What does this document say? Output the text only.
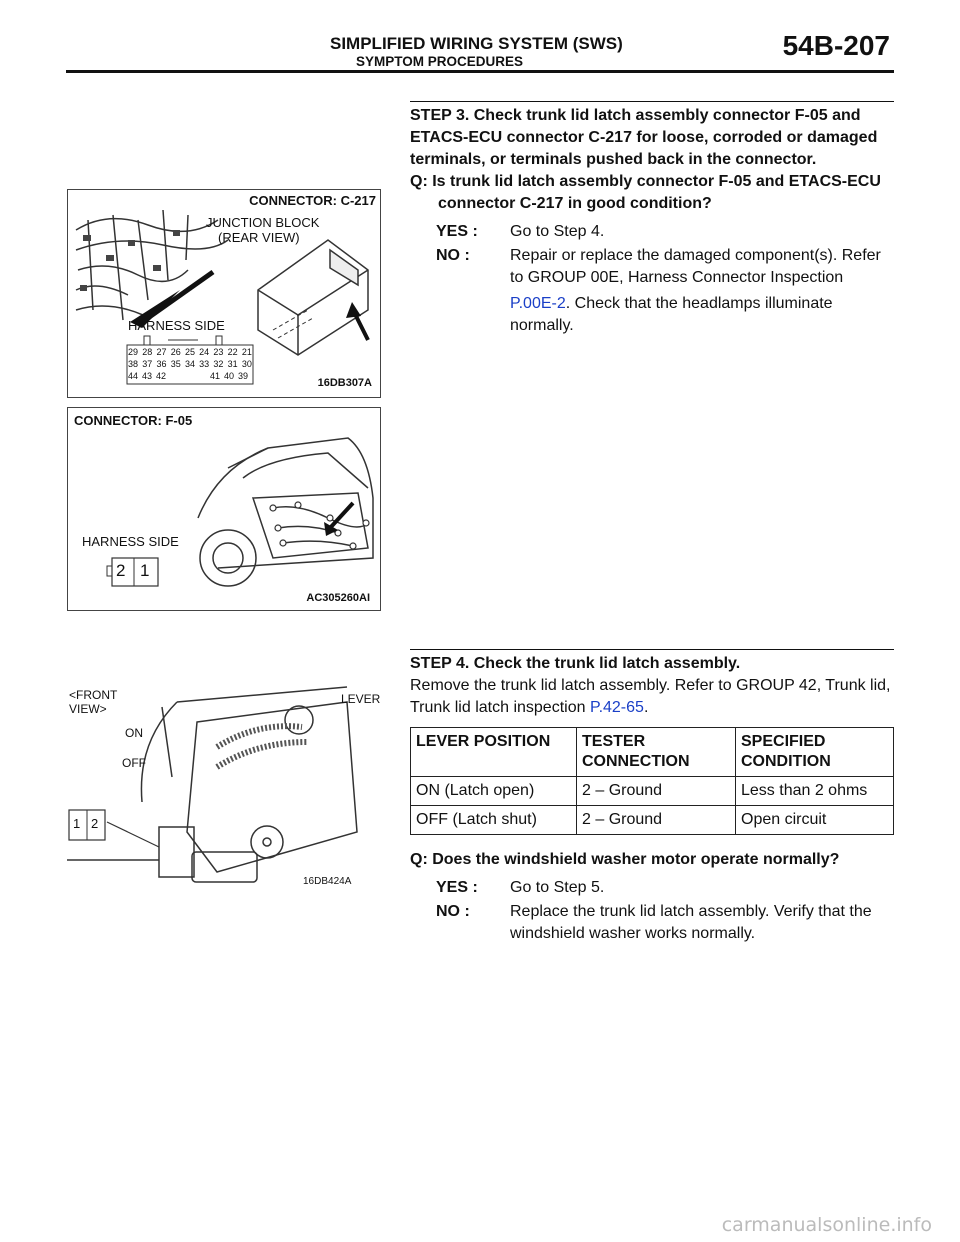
SIMPLIFIED WIRING SYSTEM (SWS)
SYMPTOM PROCEDURES
54B-207
CONNECTOR: C-217
JUNCTION BLOCK
(REAR VIEW)
HARNESS SIDE
29 28 27 26 25 24 23 22 21
38 37 36 35 34 33 32 31 30
44 43 42	41 40 39
16DB307A
CONNECTOR: F-05
HARNESS SIDE
2 1
AC305260AI
<FRONT
VIEW>
LEVER
ON
OFF
1 2
16DB424A
STEP 3. Check trunk lid latch assembly connector F-05 and ETACS-ECU connector C-217 for loose, corroded or damaged terminals, or terminals pushed back in the connector.
Q: Is trunk lid latch assembly connector F-05 and ETACS-ECU connector C-217 in good condition?
YES :	Go to Step 4.
NO :	Repair or replace the damaged component(s). Refer to GROUP 00E, Harness Connector Inspection
P.00E-2. Check that the headlamps illuminate normally.
STEP 4. Check the trunk lid latch assembly.
Remove the trunk lid latch assembly. Refer to GROUP 42, Trunk lid, Trunk lid latch inspection P.42-65.
LEVER POSITION	TESTER CONNECTION	SPECIFIED CONDITION
ON (Latch open)	2 – Ground	Less than 2 ohms
OFF (Latch shut)	2 – Ground	Open circuit
Q: Does the windshield washer motor operate normally?
YES :	Go to Step 5.
NO :	Replace the trunk lid latch assembly. Verify that the windshield washer works normally.
carmanualsonline.info
